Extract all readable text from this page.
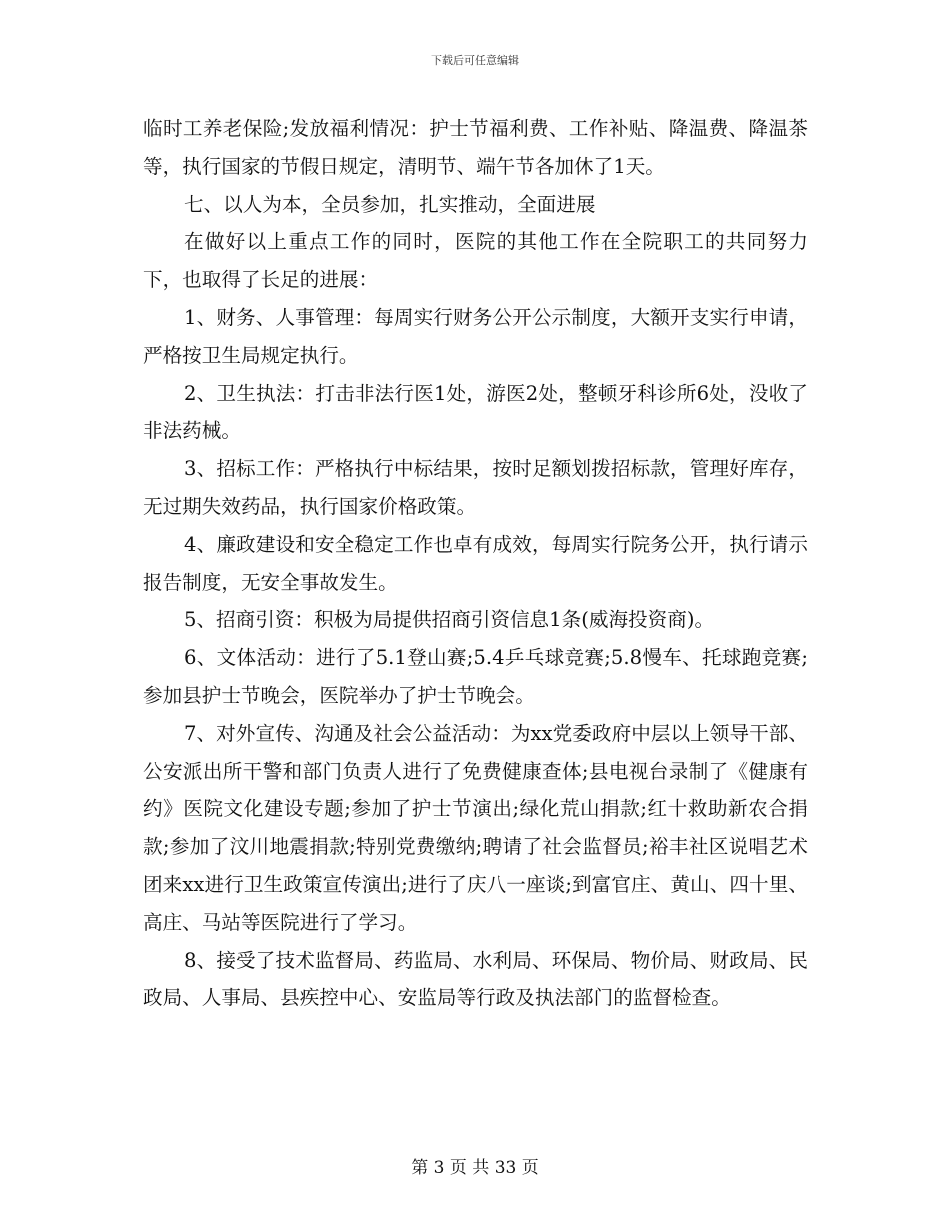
下载后可任意编辑

临时工养老保险;发放福利情况：护士节福利费、工作补贴、降温费、降温茶等，执行国家的节假日规定，清明节、端午节各加休了1天。

七、以人为本，全员参加，扎实推动，全面进展

在做好以上重点工作的同时，医院的其他工作在全院职工的共同努力下，也取得了长足的进展：

1、财务、人事管理：每周实行财务公开公示制度，大额开支实行申请，严格按卫生局规定执行。

2、卫生执法：打击非法行医1处，游医2处，整顿牙科诊所6处，没收了非法药械。

3、招标工作：严格执行中标结果，按时足额划拨招标款，管理好库存，无过期失效药品，执行国家价格政策。

4、廉政建设和安全稳定工作也卓有成效，每周实行院务公开，执行请示报告制度，无安全事故发生。

5、招商引资：积极为局提供招商引资信息1条(威海投资商)。

6、文体活动：进行了5.1登山赛;5.4乒乓球竞赛;5.8慢车、托球跑竞赛;参加县护士节晚会，医院举办了护士节晚会。

7、对外宣传、沟通及社会公益活动：为xx党委政府中层以上领导干部、公安派出所干警和部门负责人进行了免费健康查体;县电视台录制了《健康有约》医院文化建设专题;参加了护士节演出;绿化荒山捐款;红十救助新农合捐款;参加了汶川地震捐款;特别党费缴纳;聘请了社会监督员;裕丰社区说唱艺术团来xx进行卫生政策宣传演出;进行了庆八一座谈;到富官庄、黄山、四十里、高庄、马站等医院进行了学习。

8、接受了技术监督局、药监局、水利局、环保局、物价局、财政局、民政局、人事局、县疾控中心、安监局等行政及执法部门的监督检查。

第 3 页 共 33 页
